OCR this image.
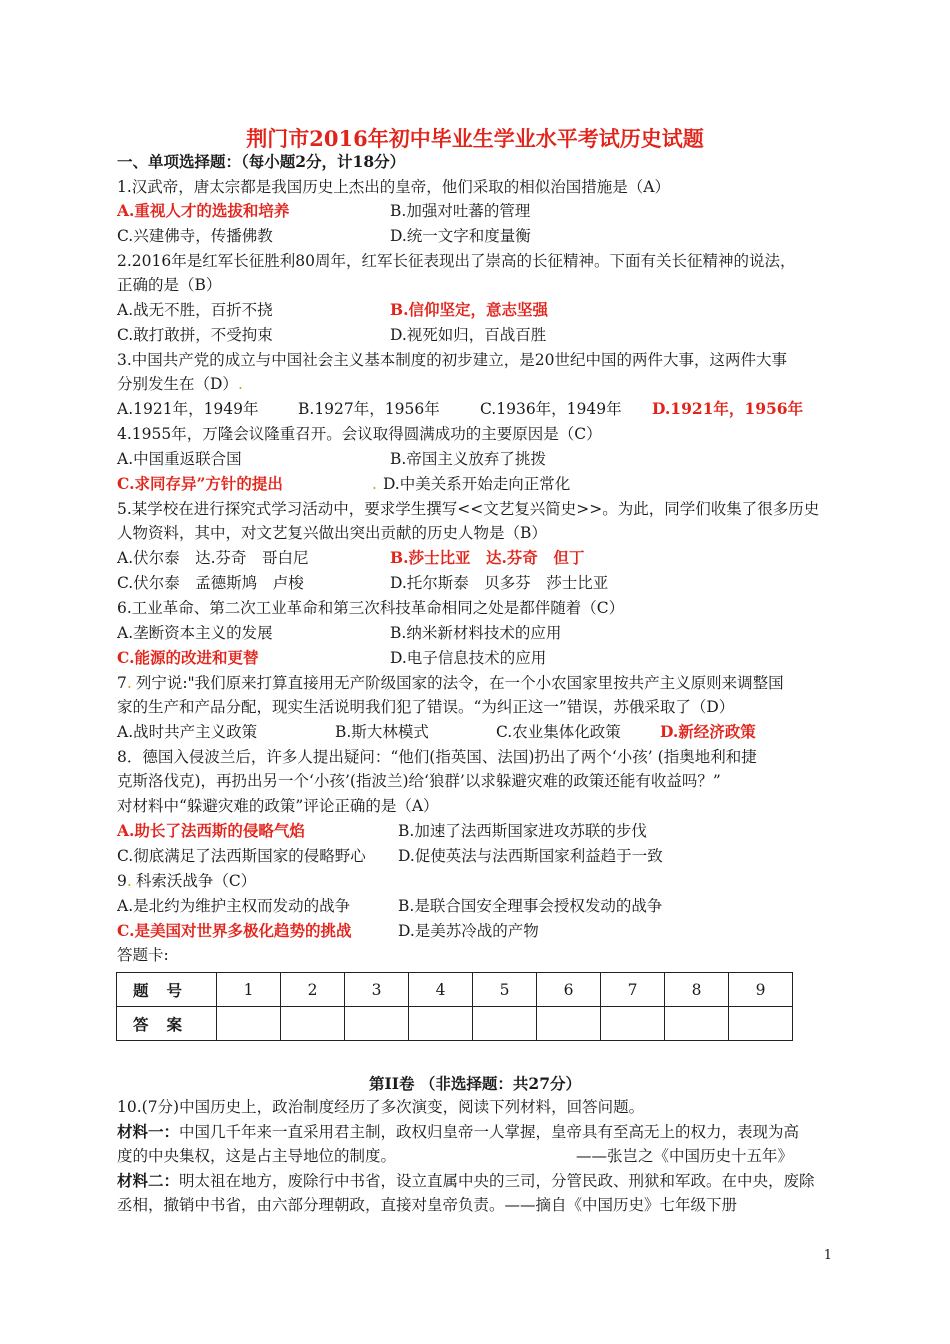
荆门市2016年初中毕业生学业水平考试历史试题
一、单项选择题：（每小题2分，计18分）
1.汉武帝，唐太宗都是我国历史上杰出的皇帝，他们采取的相似治国措施是（A）
A.重视人才的选拔和培养	B.加强对吐蕃的管理
C.兴建佛寺，传播佛教	D.统一文字和度量衡
2.2016年是红军长征胜利80周年，红军长征表现出了崇高的长征精神。下面有关长征精神的说法，
正确的是（B）
A.战无不胜，百折不挠	B.信仰坚定，意志坚强
C.敢打敢拼，不受拘束	D.视死如归，百战百胜
3.中国共产党的成立与中国社会主义基本制度的初步建立，是20世纪中国的两件大事，这两件大事
分别发生在（D）.
A.1921年，1949年	B.1927年，1956年	C.1936年，1949年 D.1921年，1956年
4.1955年，万隆会议隆重召开。会议取得圆满成功的主要原因是（C）
A.中国重返联合国	B.帝国主义放弃了挑拨
C.求同存异”方针的提出	. D.中美关系开始走向正常化
5.某学校在进行探究式学习活动中，要求学生撰写<<文艺复兴简史>>。为此，同学们收集了很多历史
人物资料，其中，对文艺复兴做出突出贡献的历史人物是（B）
A.伏尔泰　达.芬奇　哥白尼	B.莎士比亚　达.芬奇　但丁
C.伏尔泰　孟德斯鸠　卢梭	D.托尔斯泰　贝多芬　莎士比亚
6.工业革命、第二次工业革命和第三次科技革命相同之处是都伴随着（C）
A.垄断资本主义的发展	B.纳米新材料技术的应用
C.能源的改进和更替	D.电子信息技术的应用
7. 列宁说:"我们原来打算直接用无产阶级国家的法令，在一个小农国家里按共产主义原则来调整国
家的生产和产品分配，现实生活说明我们犯了错误。“为纠正这一”错误，苏俄采取了（D）
A.战时共产主义政策	B.斯大林模式	C.农业集体化政策	D.新经济政策
8．德国入侵波兰后，许多人提出疑问：“他们(指英国、法国)扔出了两个‘小孩’ (指奥地利和捷
克斯洛伐克)，再扔出另一个‘小孩’(指波兰)给‘狼群’以求躲避灾难的政策还能有收益吗？”
对材料中“躲避灾难的政策”评论正确的是（A）
A.助长了法西斯的侵略气焰	B.加速了法西斯国家进攻苏联的步伐
C.彻底满足了法西斯国家的侵略野心 D.促使英法与法西斯国家利益趋于一致
9. 科索沃战争（C）
A.是北约为维护主权而发动的战争	B.是联合国安全理事会授权发动的战争
C.是美国对世界多极化趋势的挑战	D.是美苏冷战的产物
答题卡:
题号	1	2	3	4	5	6	7	8	9
答案									
第II卷 （非选择题：共27分）
10.(7分)中国历史上，政治制度经历了多次演变，阅读下列材料，回答问题。
材料一：中国几千年来一直采用君主制，政权归皇帝一人掌握，皇帝具有至高无上的权力，表现为高
度的中央集权，这是占主导地位的制度。	——张岂之《中国历史十五年》
材料二：明太祖在地方，废除行中书省，设立直属中央的三司，分管民政、刑狱和军政。在中央，废除
丞相，撤销中书省，由六部分理朝政，直接对皇帝负责。——摘自《中国历史》七年级下册
1
